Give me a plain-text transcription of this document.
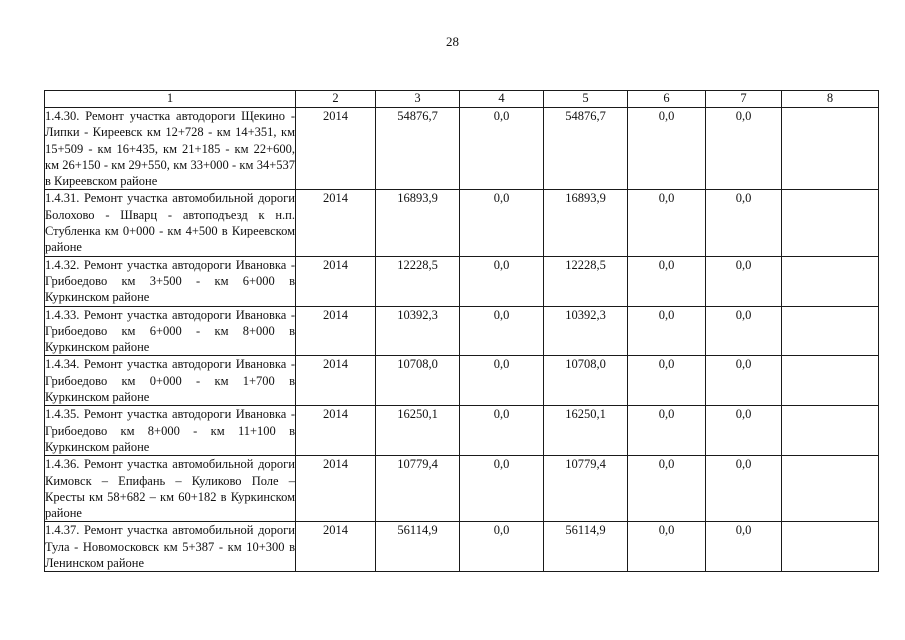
28
1	2	3	4	5	6	7	8
1.4.30. Ремонт участка автодороги Щекино - Липки - Киреевск км 12+728 - км 14+351, км 15+509 - км 16+435, км 21+185 - км 22+600, км 26+150 - км 29+550, км 33+000 - км 34+537 в Киреевском районе	2014	54876,7	0,0	54876,7	0,0	0,0	
1.4.31. Ремонт участка автомобильной дороги Болохово - Шварц - автоподъезд к н.п. Стубленка км 0+000 - км 4+500 в Киреевском районе	2014	16893,9	0,0	16893,9	0,0	0,0	
1.4.32. Ремонт участка автодороги Ивановка - Грибоедово км 3+500 - км 6+000 в Куркинском районе	2014	12228,5	0,0	12228,5	0,0	0,0	
1.4.33. Ремонт участка автодороги Ивановка - Грибоедово км 6+000 - км 8+000 в Куркинском районе	2014	10392,3	0,0	10392,3	0,0	0,0	
1.4.34. Ремонт участка автодороги Ивановка - Грибоедово км 0+000 - км 1+700 в Куркинском районе	2014	10708,0	0,0	10708,0	0,0	0,0	
1.4.35. Ремонт участка автодороги Ивановка - Грибоедово км 8+000 - км 11+100 в Куркинском районе	2014	16250,1	0,0	16250,1	0,0	0,0	
1.4.36. Ремонт участка автомобильной дороги Кимовск – Епифань – Куликово Поле – Кресты км 58+682 – км 60+182 в Куркинском районе	2014	10779,4	0,0	10779,4	0,0	0,0	
1.4.37. Ремонт участка автомобильной дороги Тула - Новомосковск км 5+387 - км 10+300 в Ленинском районе	2014	56114,9	0,0	56114,9	0,0	0,0	
